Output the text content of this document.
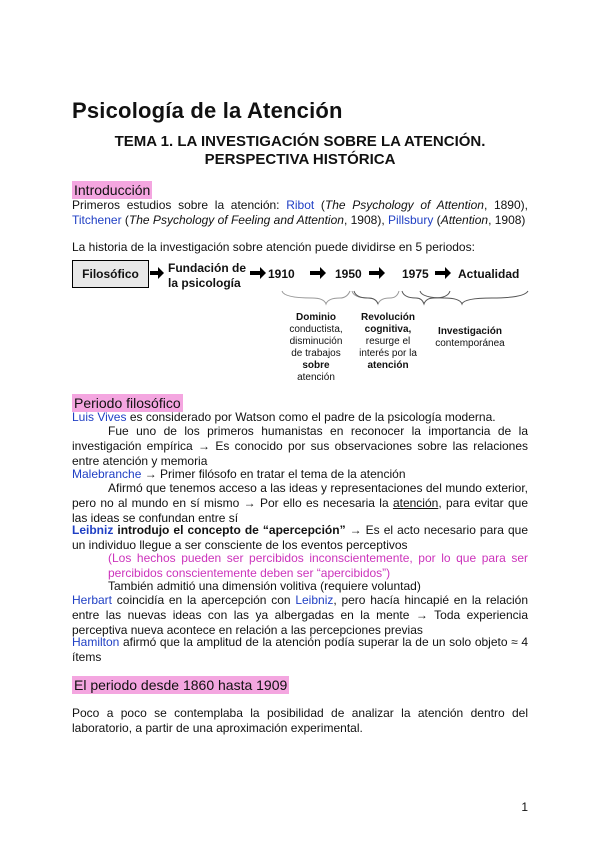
Psicología de la Atención
TEMA 1. LA INVESTIGACIÓN SOBRE LA ATENCIÓN.
PERSPECTIVA HISTÓRICA
Introducción
Primeros estudios sobre la atención: Ribot (The Psychology of Attention, 1890), Titchener (The Psychology of Feeling and Attention, 1908), Pillsbury (Attention, 1908)
La historia de la investigación sobre atención puede dividirse en 5 periodos:
Filosófico	Fundación de
la psicología
1910	1950	1975 Actualidad
Dominio
conductista,
disminución
de trabajos
sobre
atención
Revolución
cognitiva,
resurge el
interés por la
atención
Investigación
contemporánea
Periodo filosófico
Luis Vives es considerado por Watson como el padre de la psicología moderna.
Fue uno de los primeros humanistas en reconocer la importancia de la investigación empírica → Es conocido por sus observaciones sobre las relaciones entre atención y memoria
Malebranche → Primer filósofo en tratar el tema de la atención
Afirmó que tenemos acceso a las ideas y representaciones del mundo exterior, pero no al mundo en sí mismo → Por ello es necesaria la atención, para evitar que las ideas se confundan entre sí
Leibniz introdujo el concepto de “apercepción” → Es el acto necesario para que un individuo llegue a ser consciente de los eventos perceptivos
(Los hechos pueden ser percibidos inconscientemente, por lo que para ser percibidos conscientemente deben ser “apercibidos”)
También admitió una dimensión volitiva (requiere voluntad)
Herbart coincidía en la apercepción con Leibniz, pero hacía hincapié en la relación entre las nuevas ideas con las ya albergadas en la mente → Toda experiencia perceptiva nueva acontece en relación a las percepciones previas
Hamilton afirmó que la amplitud de la atención podía superar la de un solo objeto ≈ 4 ítems
El periodo desde 1860 hasta 1909
Poco a poco se contemplaba la posibilidad de analizar la atención dentro del laboratorio, a partir de una aproximación experimental.
1
